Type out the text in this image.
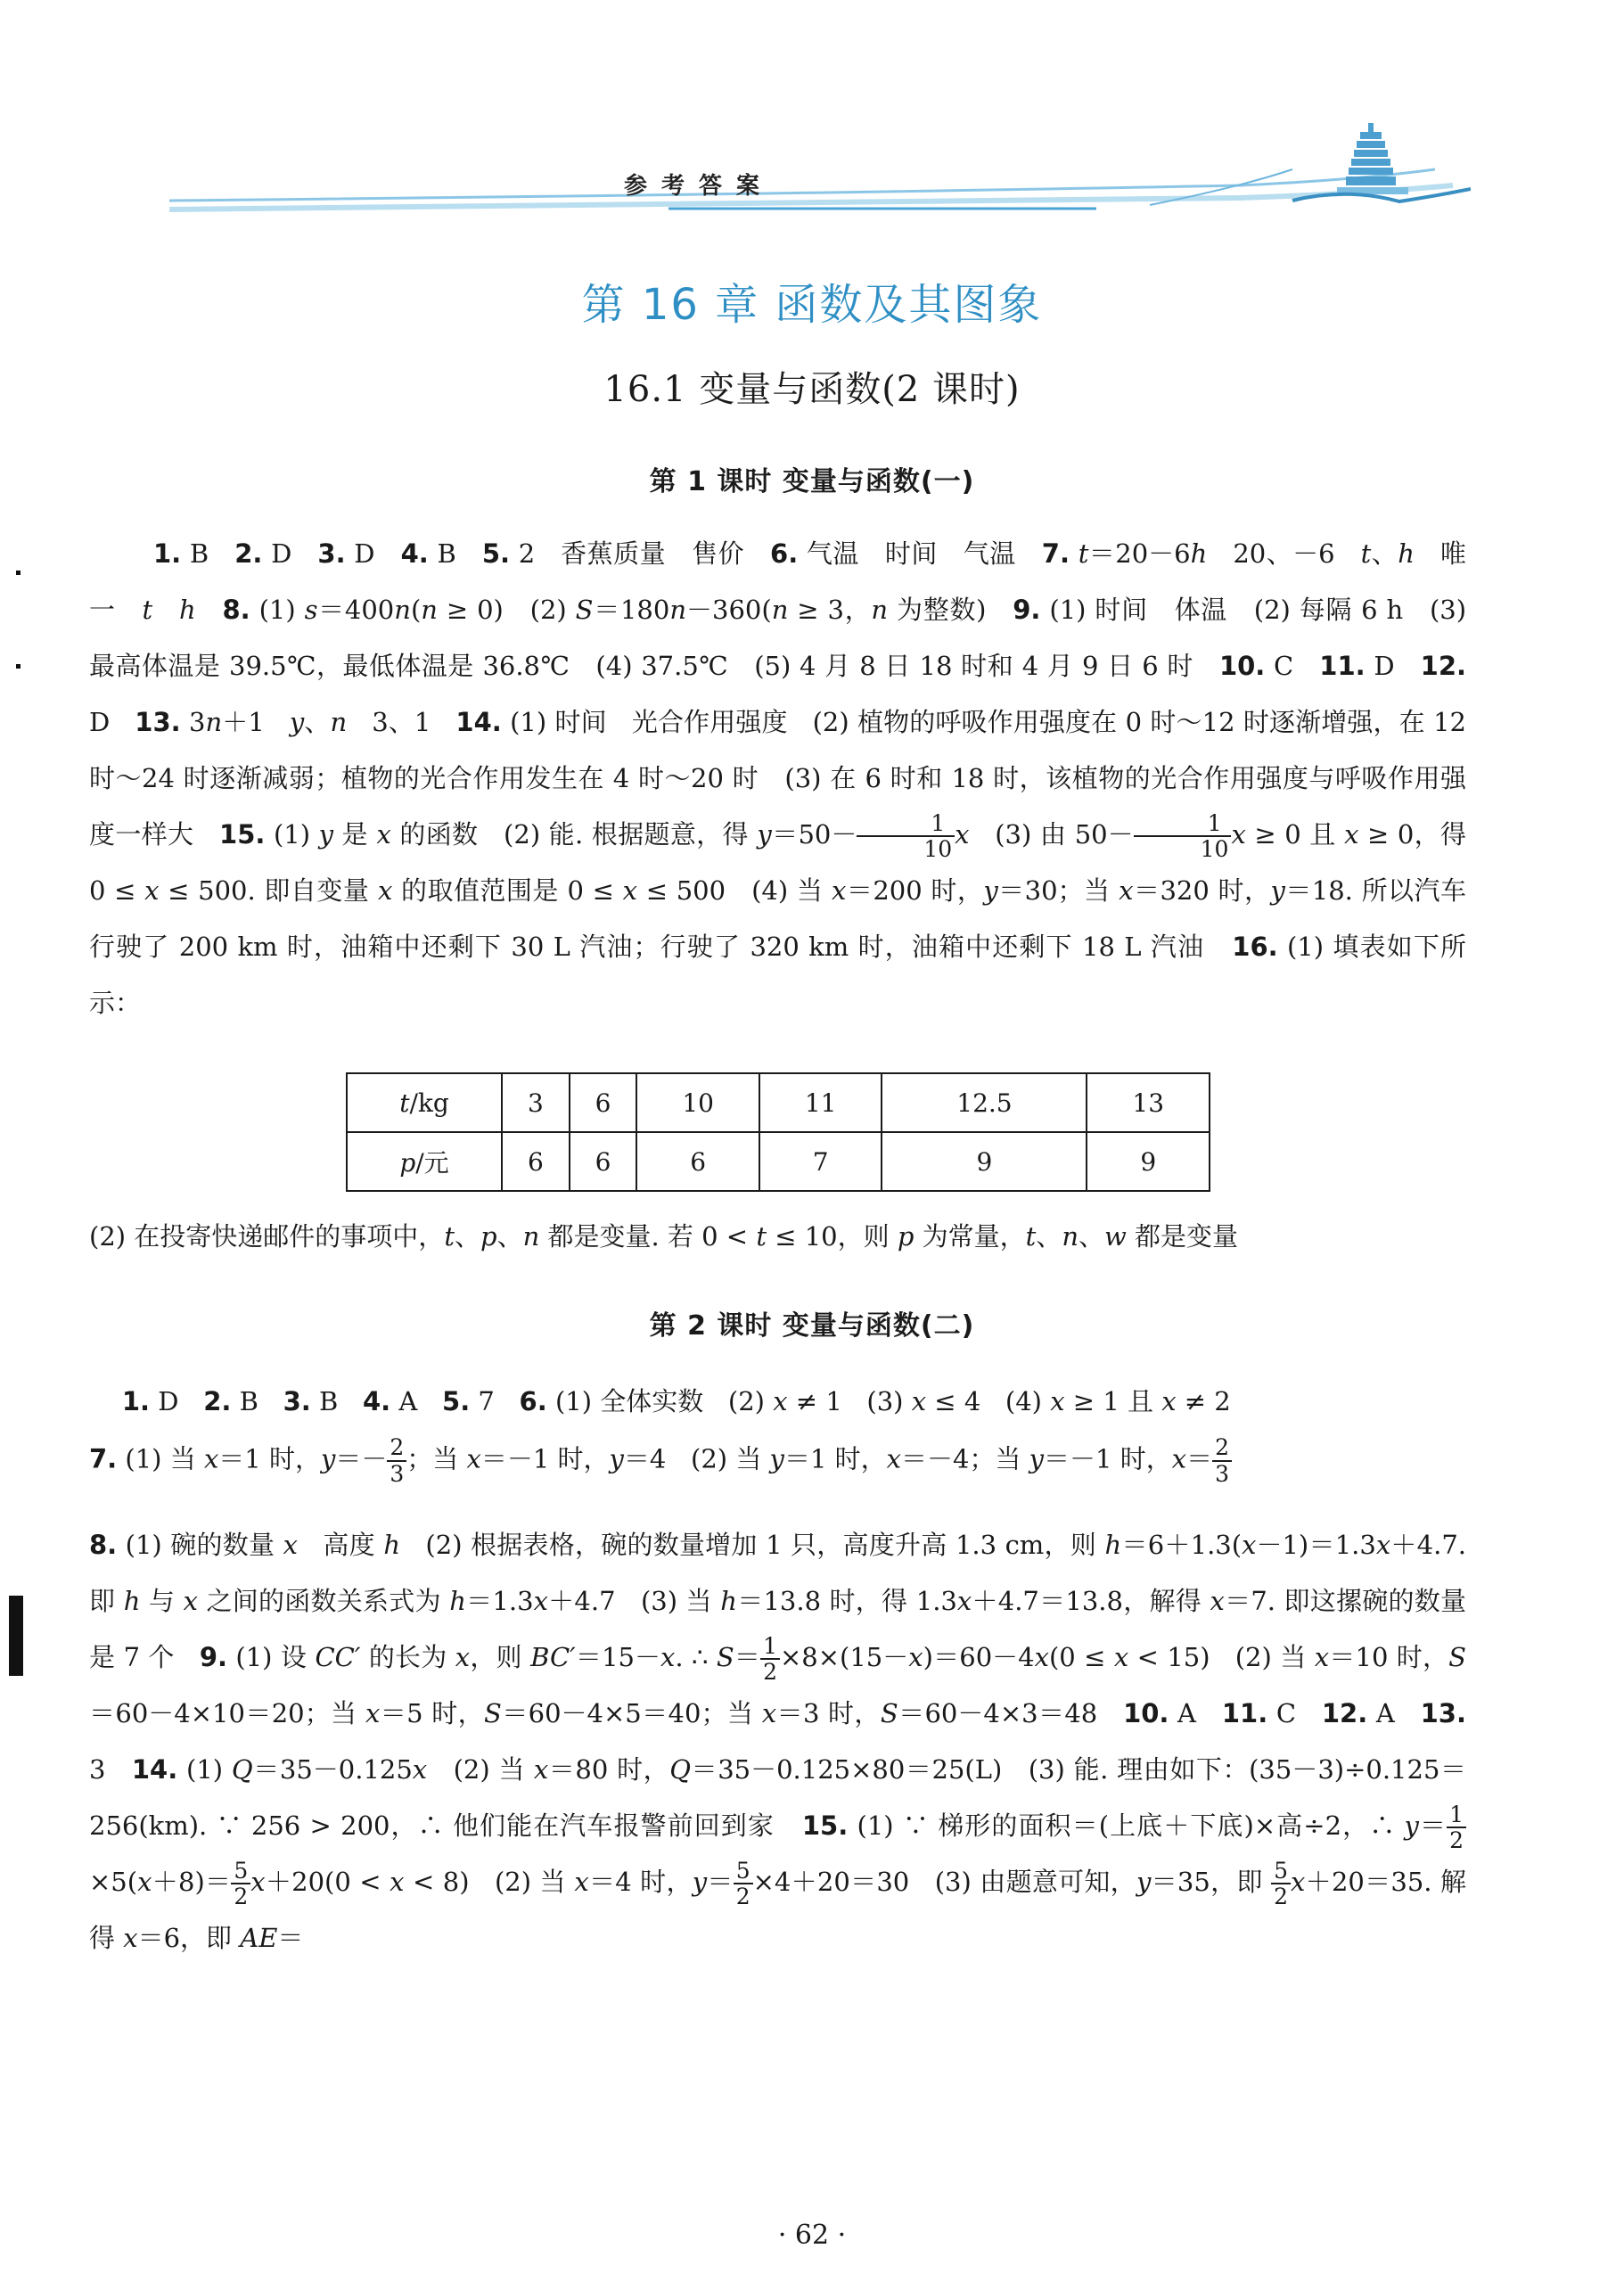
参考答案
第 16 章 函数及其图象
16.1 变量与函数(2 课时)
第 1 课时 变量与函数(一)
1. B   2. D   3. D   4. B   5. 2   香蕉质量   售价   6. 气温   时间   气温   7. t＝20－6h   20、－6   t、h   唯一   t h 8. (1) s＝400n(n ≥ 0)   (2) S＝180n－360(n ≥ 3，n 为整数)   9. (1) 时间   体温   (2) 每隔 6 h   (3) 最高体温是 39.5℃，最低体温是 36.8℃   (4) 37.5℃   (5) 4 月 8 日 18 时和 4 月 9 日 6 时   10. C   11. D   12. D   13. 3n＋1   y、n   3、1   14. (1) 时间   光合作用强度   (2) 植物的呼吸作用强度在 0 时～12 时逐渐增强，在 12 时～24 时逐渐减弱；植物的光合作用发生在 4 时～20 时   (3) 在 6 时和 18 时，该植物的光合作用强度与呼吸作用强度一样大   15. (1) y 是 x 的函数   (2) 能. 根据题意，得 $y=50- \frac{1}{10}$ x   (3) 由 $50- \frac{1}{10}$ x ≥ 0 且 x ≥ 0，得 0 ≤ x ≤ 500. 即自变量 x 的取值范围是 0 ≤ x ≤ 500   (4) 当 x＝200 时，y＝30；当 x＝320 时，y＝18. 所以汽车行驶了 200 km 时，油箱中还剩下 30 L 汽油；行驶了 320 km 时，油箱中还剩下 18 L 汽油   16. (1) 填表如下所示：
t/kg	3	6	10	11	12.5	13
p/元	6	6	6	7	9	9
(2) 在投寄快递邮件的事项中，t、p、n 都是变量. 若 0 < t ≤ 10，则 p 为常量，t、n、w 都是变量
第 2 课时 变量与函数(二)
1. D   2. B   3. B   4. A   5. 7   6. (1) 全体实数   (2) x ≠ 1   (3) x ≤ 4   (4) x ≥ 1 且 x ≠ 2
7. (1) 当 x＝1 时，$y=- \frac{2}{3}$ ；当 x＝－1 时，y＝4   (2) 当 y＝1 时，x＝－4；当 y＝－1 时，$x= \frac{2}{3}$
8. (1) 碗的数量 x   高度 h   (2) 根据表格，碗的数量增加 1 只，高度升高 1.3 cm，则 h＝6＋1.3(x－1)＝1.3x＋4.7. 即 h 与 x 之间的函数关系式为 h＝1.3x＋4.7   (3) 当 h＝13.8 时，得 1.3x＋4.7＝13.8，解得 x＝7. 即这摞碗的数量是 7 个   9. (1) 设 CC′ 的长为 x，则 BC′＝15－x. ∴ $S= \frac{1}{2} \times 8\times(15-x)=60-4x(0 \le x < 15)$   (2) 当 x＝10 时，S＝60－4×10＝20；当 x＝5 时，S＝60－4×5＝40；当 x＝3 时，S＝60－4×3＝48   10. A   11. C   12. A   13. 3   14. (1) Q＝35－0.125x   (2) 当 x＝80 时，Q＝35－0.125×80＝25(L)   (3) 能. 理由如下：(35－3)÷0.125＝256(km). ∵ 256 > 200，∴ 他们能在汽车报警前回到家   15. (1) ∵ 梯形的面积＝(上底＋下底)×高÷2，∴ $y= \frac{1}{2}$
$\times 5(x+8)= \frac{5}{2} x+20(0 < x < 8)$   (2) 当 x＝4 时，$y= \frac{5}{2} \times 4+20=30$   (3) 由题意可知，y＝35，即 $\frac{5}{2} x+20=35$. 解得 x＝6，即 AE＝
· 62 ·
